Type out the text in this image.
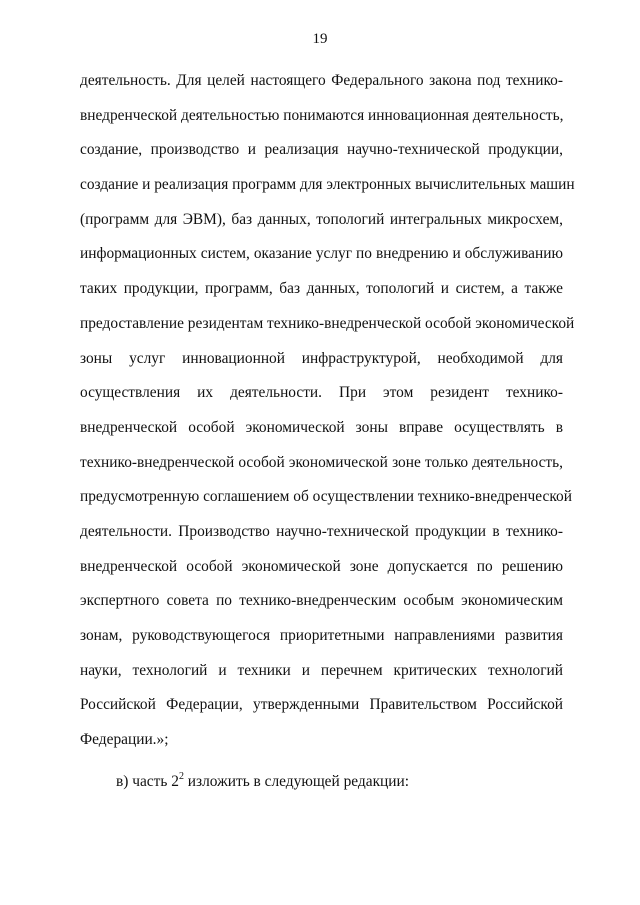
19
деятельность. Для целей настоящего Федерального закона под технико-
внедренческой деятельностью понимаются инновационная деятельность,
создание, производство и реализация научно-технической продукции,
создание и реализация программ для электронных вычислительных машин
(программ для ЭВМ), баз данных, топологий интегральных микросхем,
информационных систем, оказание услуг по внедрению и обслуживанию
таких продукции, программ, баз данных, топологий и систем, а также
предоставление резидентам технико-внедренческой особой экономической
зоны услуг инновационной инфраструктурой, необходимой для
осуществления их деятельности. При этом резидент технико-
внедренческой особой экономической зоны вправе осуществлять в
технико-внедренческой особой экономической зоне только деятельность,
предусмотренную соглашением об осуществлении технико-внедренческой
деятельности. Производство научно-технической продукции в технико-
внедренческой особой экономической зоне допускается по решению
экспертного совета по технико-внедренческим особым экономическим
зонам, руководствующегося приоритетными направлениями развития
науки, технологий и техники и перечнем критических технологий
Российской Федерации, утвержденными Правительством Российской
Федерации.»;
в) часть $2^2$ изложить в следующей редакции:
